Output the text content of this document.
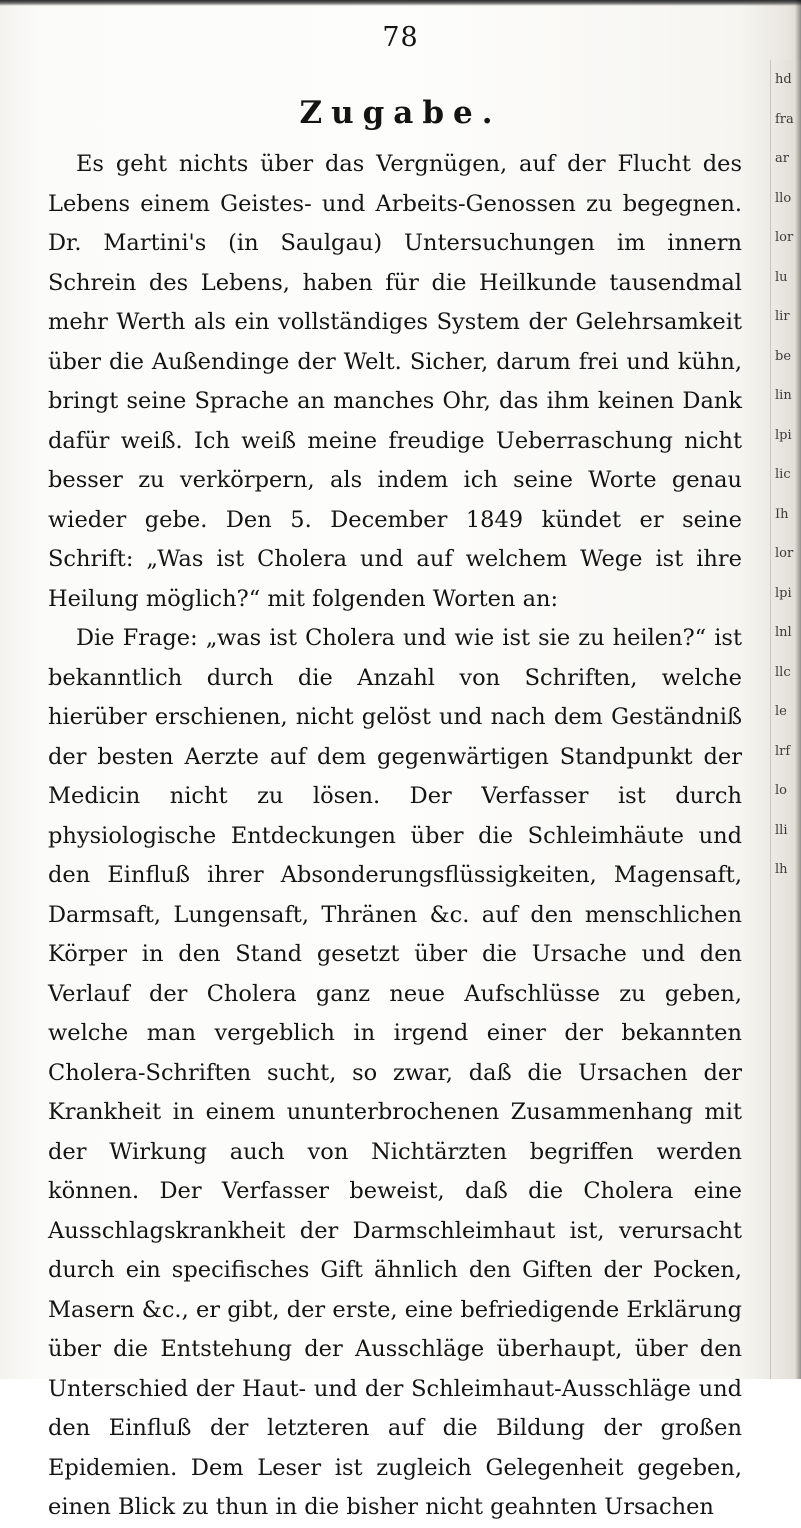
78
Zugabe.

Es geht nichts über das Vergnügen, auf der Flucht des Lebens einem Geistes- und Arbeits-Genossen zu begegnen. Dr. Martini's (in Saulgau) Untersuchungen im innern Schrein des Lebens, haben für die Heilkunde tausendmal mehr Werth als ein vollständiges System der Gelehrsamkeit über die Außendinge der Welt. Sicher, darum frei und kühn, bringt seine Sprache an manches Ohr, das ihm keinen Dank dafür weiß. Ich weiß meine freudige Ueberraschung nicht besser zu verkörpern, als indem ich seine Worte genau wieder gebe. Den 5. December 1849 kündet er seine Schrift: „Was ist Cholera und auf welchem Wege ist ihre Heilung möglich?“ mit folgenden Worten an:

Die Frage: „was ist Cholera und wie ist sie zu heilen?“ ist bekanntlich durch die Anzahl von Schriften, welche hierüber erschienen, nicht gelöst und nach dem Geständniß der besten Aerzte auf dem gegenwärtigen Standpunkt der Medicin nicht zu lösen. Der Verfasser ist durch physiologische Entdeckungen über die Schleimhäute und den Einfluß ihrer Absonderungsflüssigkeiten, Magensaft, Darmsaft, Lungensaft, Thränen &c. auf den menschlichen Körper in den Stand gesetzt über die Ursache und den Verlauf der Cholera ganz neue Aufschlüsse zu geben, welche man vergeblich in irgend einer der bekannten Cholera-Schriften sucht, so zwar, daß die Ursachen der Krankheit in einem ununterbrochenen Zusammenhang mit der Wirkung auch von Nichtärzten begriffen werden können. Der Verfasser beweist, daß die Cholera eine Ausschlagskrankheit der Darmschleimhaut ist, verursacht durch ein specifisches Gift ähnlich den Giften der Pocken, Masern &c., er gibt, der erste, eine befriedigende Erklärung über die Entstehung der Ausschläge überhaupt, über den Unterschied der Haut- und der Schleimhaut-Ausschläge und den Einfluß der letzteren auf die Bildung der großen Epidemien. Dem Leser ist zugleich Gelegenheit gegeben, einen Blick zu thun in die bisher nicht geahnten Ursachen

hd
fra
ar
llo
lor
lu
lir
be
lin
lpi
lic
Ih
lor
lpi
lnl
llc
le
lrf
lo
lli
lh
